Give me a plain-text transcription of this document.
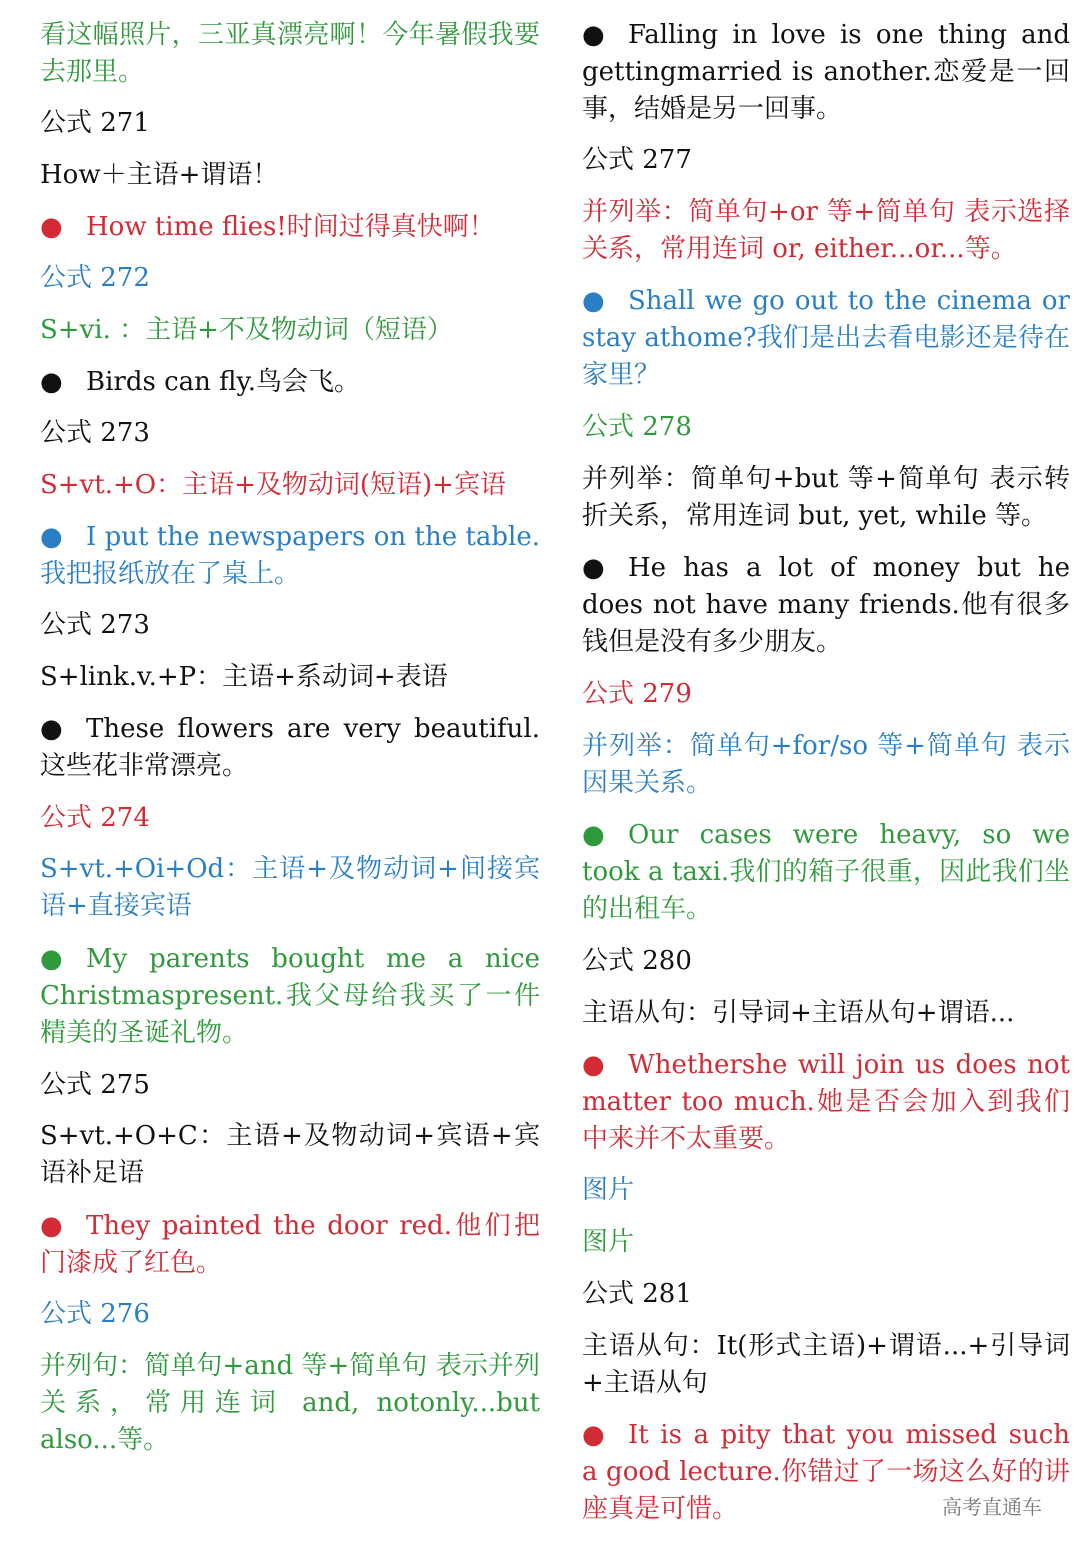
看这幅照片，三亚真漂亮啊！今年暑假我要去那里。

公式 271

How＋主语+谓语！

● How time flies!时间过得真快啊！

公式 272

S+vi. ：主语+不及物动词（短语）

● Birds can fly.鸟会飞。

公式 273

S+vt.+O：主语+及物动词(短语)+宾语

● I put the newspapers on the table.我把报纸放在了桌上。

公式 273

S+link.v.+P：主语+系动词+表语

● These flowers are very beautiful.这些花非常漂亮。

公式 274

S+vt.+Oi+Od：主语+及物动词+间接宾语+直接宾语

● My parents bought me a nice Christmaspresent.我父母给我买了一件精美的圣诞礼物。

公式 275

S+vt.+O+C：主语+及物动词+宾语+宾语补足语

● They painted the door red.他们把门漆成了红色。

公式 276

并列句：简单句+and 等+简单句 表示并列关系，常用连词 and, notonly...but also...等。

● Falling in love is one thing and gettingmarried is another.恋爱是一回事，结婚是另一回事。

公式 277

并列举：简单句+or 等+简单句 表示选择关系，常用连词 or, either...or...等。

● Shall we go out to the cinema or stay athome?我们是出去看电影还是待在家里？

公式 278

并列举：简单句+but 等+简单句 表示转折关系，常用连词 but, yet, while 等。

● He has a lot of money but he does not have many friends.他有很多钱但是没有多少朋友。

公式 279

并列举：简单句+for/so 等+简单句 表示因果关系。

● Our cases were heavy, so we took a taxi.我们的箱子很重，因此我们坐的出租车。

公式 280

主语从句：引导词+主语从句+谓语...

● Whethershe will join us does not matter too much.她是否会加入到我们中来并不太重要。

图片

图片

公式 281

主语从句：It(形式主语)+谓语...+引导词+主语从句

● It is a pity that you missed such a good lecture.你错过了一场这么好的讲座真是可惜。	高考直通车
